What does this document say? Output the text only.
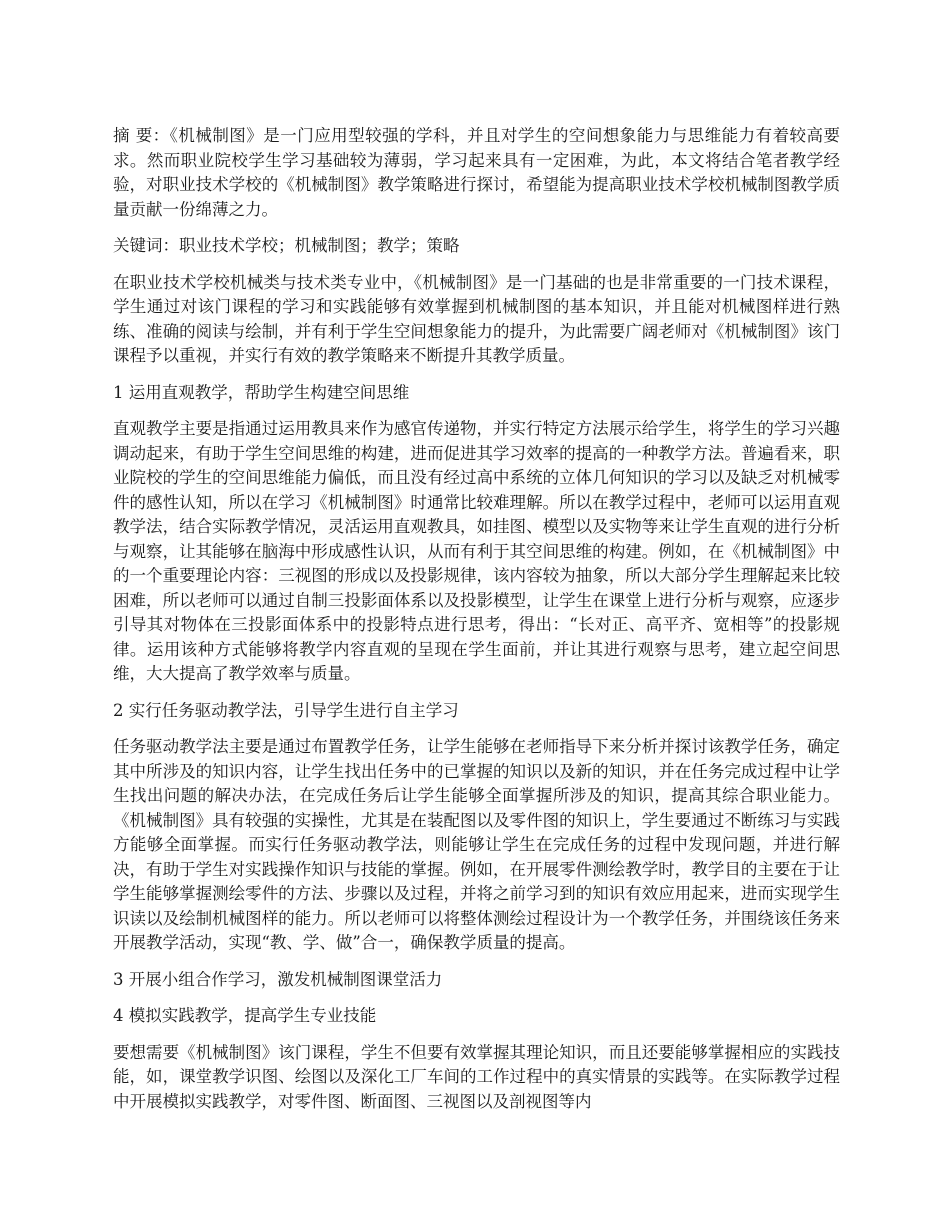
摘 要：《机械制图》是一门应用型较强的学科，并且对学生的空间想象能力与思维能力有着较高要求。然而职业院校学生学习基础较为薄弱，学习起来具有一定困难，为此，本文将结合笔者教学经验，对职业技术学校的《机械制图》教学策略进行探讨，希望能为提高职业技术学校机械制图教学质量贡献一份绵薄之力。

关键词：职业技术学校；机械制图；教学；策略

在职业技术学校机械类与技术类专业中，《机械制图》是一门基础的也是非常重要的一门技术课程，学生通过对该门课程的学习和实践能够有效掌握到机械制图的基本知识，并且能对机械图样进行熟练、准确的阅读与绘制，并有利于学生空间想象能力的提升，为此需要广阔老师对《机械制图》该门课程予以重视，并实行有效的教学策略来不断提升其教学质量。

1 运用直观教学，帮助学生构建空间思维

直观教学主要是指通过运用教具来作为感官传递物，并实行特定方法展示给学生，将学生的学习兴趣调动起来，有助于学生空间思维的构建，进而促进其学习效率的提高的一种教学方法。普遍看来，职业院校的学生的空间思维能力偏低，而且没有经过高中系统的立体几何知识的学习以及缺乏对机械零件的感性认知，所以在学习《机械制图》时通常比较难理解。所以在教学过程中，老师可以运用直观教学法，结合实际教学情况，灵活运用直观教具，如挂图、模型以及实物等来让学生直观的进行分析与观察，让其能够在脑海中形成感性认识，从而有利于其空间思维的构建。例如，在《机械制图》中的一个重要理论内容：三视图的形成以及投影规律，该内容较为抽象，所以大部分学生理解起来比较困难，所以老师可以通过自制三投影面体系以及投影模型，让学生在课堂上进行分析与观察，应逐步引导其对物体在三投影面体系中的投影特点进行思考，得出：“长对正、高平齐、宽相等”的投影规律。运用该种方式能够将教学内容直观的呈现在学生面前，并让其进行观察与思考，建立起空间思维，大大提高了教学效率与质量。

2 实行任务驱动教学法，引导学生进行自主学习

任务驱动教学法主要是通过布置教学任务，让学生能够在老师指导下来分析并探讨该教学任务，确定其中所涉及的知识内容，让学生找出任务中的已掌握的知识以及新的知识，并在任务完成过程中让学生找出问题的解决办法，在完成任务后让学生能够全面掌握所涉及的知识，提高其综合职业能力。《机械制图》具有较强的实操性，尤其是在装配图以及零件图的知识上，学生要通过不断练习与实践方能够全面掌握。而实行任务驱动教学法，则能够让学生在完成任务的过程中发现问题，并进行解决，有助于学生对实践操作知识与技能的掌握。例如，在开展零件测绘教学时，教学目的主要在于让学生能够掌握测绘零件的方法、步骤以及过程，并将之前学习到的知识有效应用起来，进而实现学生识读以及绘制机械图样的能力。所以老师可以将整体测绘过程设计为一个教学任务，并围绕该任务来开展教学活动，实现“教、学、做”合一，确保教学质量的提高。

3 开展小组合作学习，激发机械制图课堂活力

4 模拟实践教学，提高学生专业技能

要想需要《机械制图》该门课程，学生不但要有效掌握其理论知识，而且还要能够掌握相应的实践技能，如，课堂教学识图、绘图以及深化工厂车间的工作过程中的真实情景的实践等。在实际教学过程中开展模拟实践教学，对零件图、断面图、三视图以及剖视图等内
